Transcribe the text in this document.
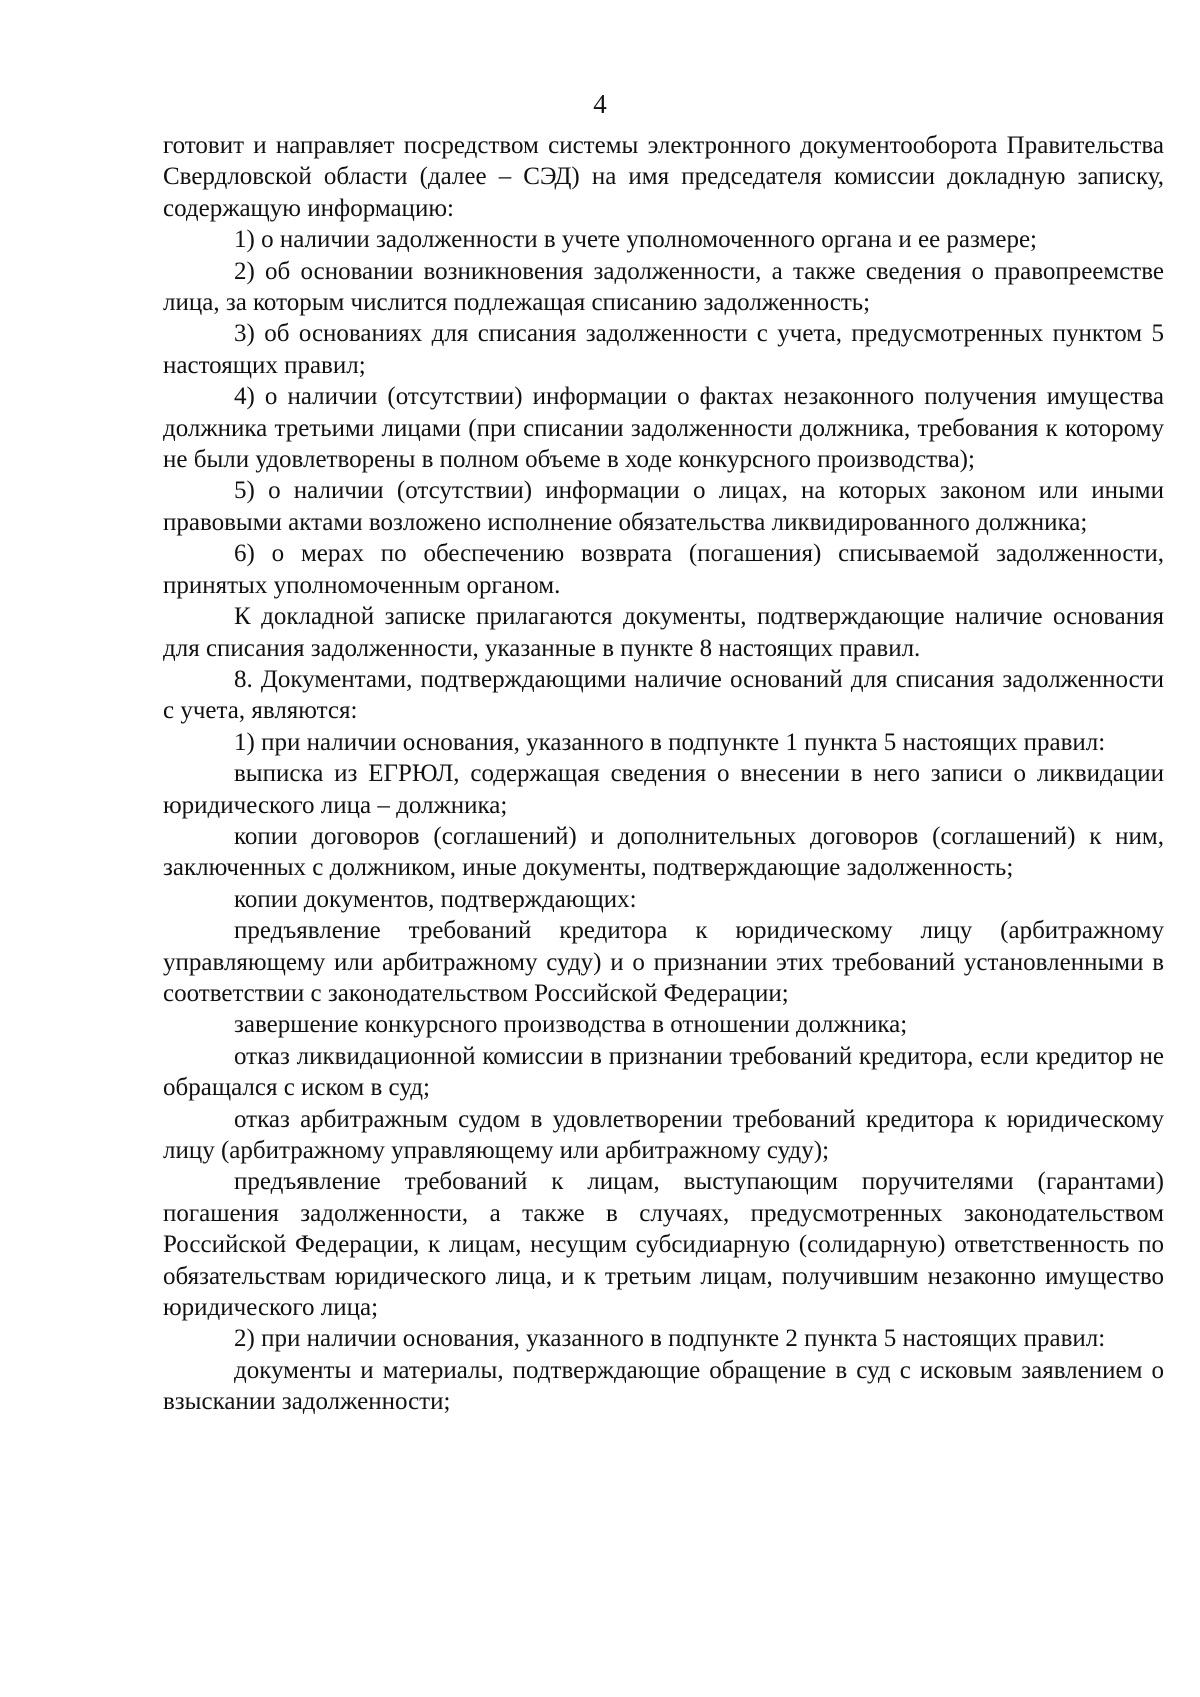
4

готовит и направляет посредством системы электронного документооборота Правительства Свердловской области (далее – СЭД) на имя председателя комиссии докладную записку, содержащую информацию:

1) о наличии задолженности в учете уполномоченного органа и ее размере;

2) об основании возникновения задолженности, а также сведения о правопреемстве лица, за которым числится подлежащая списанию задолженность;

3) об основаниях для списания задолженности с учета, предусмотренных пунктом 5 настоящих правил;

4) о наличии (отсутствии) информации о фактах незаконного получения имущества должника третьими лицами (при списании задолженности должника, требования к которому не были удовлетворены в полном объеме в ходе конкурсного производства);

5) о наличии (отсутствии) информации о лицах, на которых законом или иными правовыми актами возложено исполнение обязательства ликвидированного должника;

6) о мерах по обеспечению возврата (погашения) списываемой задолженности, принятых уполномоченным органом.

К докладной записке прилагаются документы, подтверждающие наличие основания для списания задолженности, указанные в пункте 8 настоящих правил.

8. Документами, подтверждающими наличие оснований для списания задолженности с учета, являются:

1) при наличии основания, указанного в подпункте 1 пункта 5 настоящих правил:

выписка из ЕГРЮЛ, содержащая сведения о внесении в него записи о ликвидации юридического лица – должника;

копии договоров (соглашений) и дополнительных договоров (соглашений) к ним, заключенных с должником, иные документы, подтверждающие задолженность;

копии документов, подтверждающих:

предъявление требований кредитора к юридическому лицу (арбитражному управляющему или арбитражному суду) и о признании этих требований установленными в соответствии с законодательством Российской Федерации;

завершение конкурсного производства в отношении должника;

отказ ликвидационной комиссии в признании требований кредитора, если кредитор не обращался с иском в суд;

отказ арбитражным судом в удовлетворении требований кредитора к юридическому лицу (арбитражному управляющему или арбитражному суду);

предъявление требований к лицам, выступающим поручителями (гарантами) погашения задолженности, а также в случаях, предусмотренных законодательством Российской Федерации, к лицам, несущим субсидиарную (солидарную) ответственность по обязательствам юридического лица, и к третьим лицам, получившим незаконно имущество юридического лица;

2) при наличии основания, указанного в подпункте 2 пункта 5 настоящих правил:

документы и материалы, подтверждающие обращение в суд с исковым заявлением о взыскании задолженности;
